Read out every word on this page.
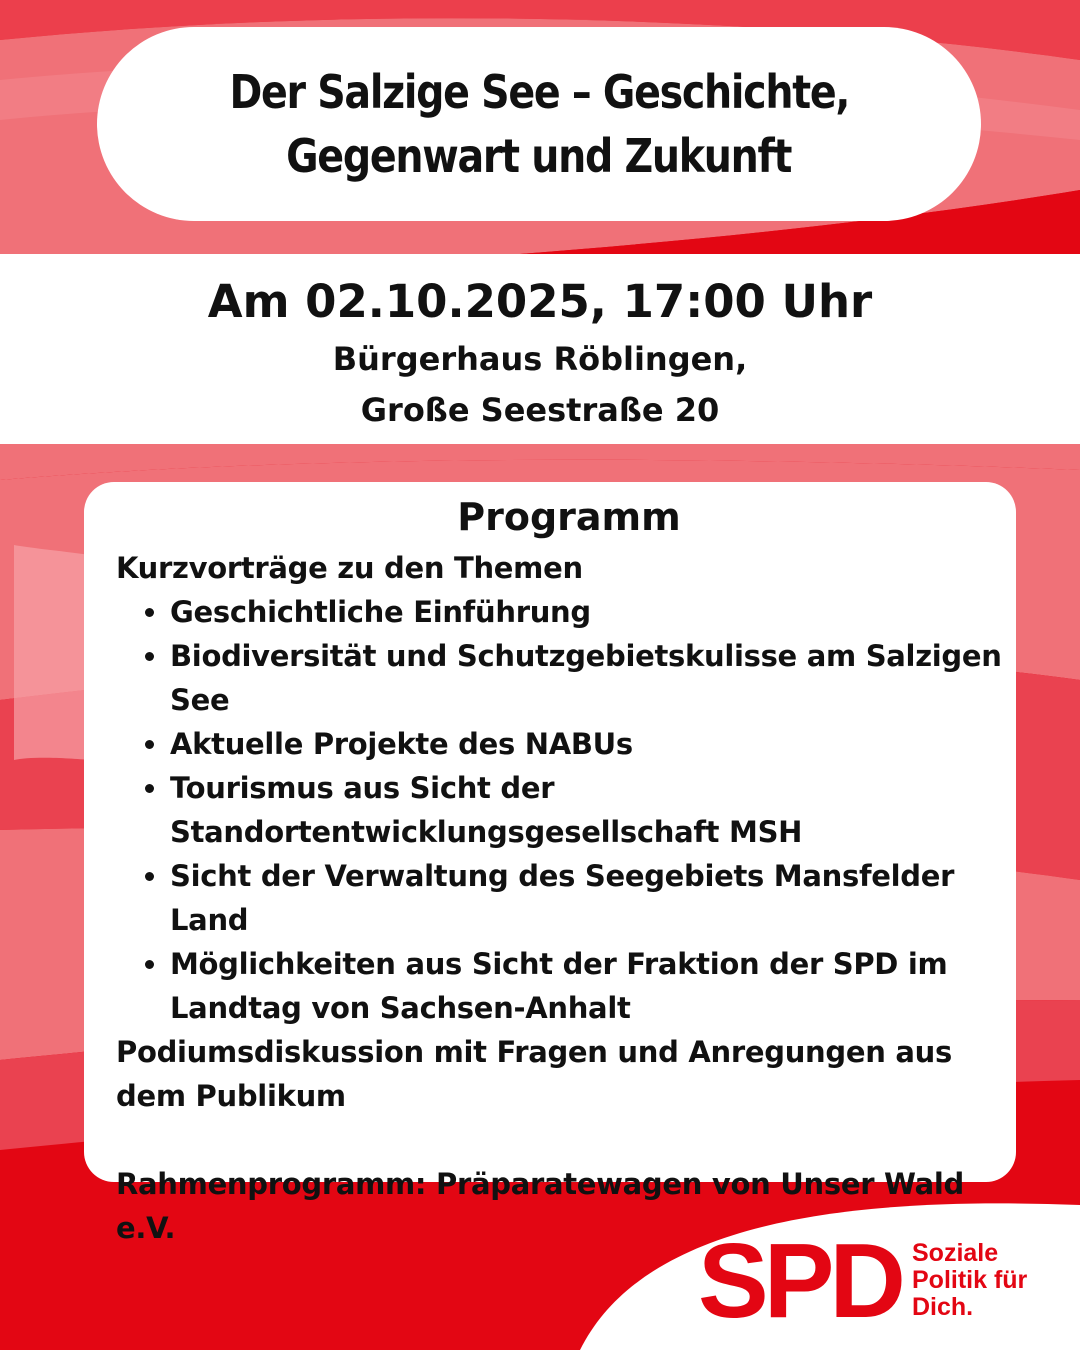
Der Salzige See – Geschichte,
Gegenwart und Zukunft
Am 02.10.2025, 17:00 Uhr
Bürgerhaus Röblingen,
Große Seestraße 20
Programm

Kurzvorträge zu den Themen

• Geschichtliche Einführung
• Biodiversität und Schutzgebietskulisse am Salzigen See
• Aktuelle Projekte des NABUs
• Tourismus aus Sicht der Standortentwicklungsgesellschaft MSH
• Sicht der Verwaltung des Seegebiets Mansfelder Land
• Möglichkeiten aus Sicht der Fraktion der SPD im Landtag von Sachsen-Anhalt

Podiumsdiskussion mit Fragen und Anregungen aus dem Publikum

Rahmenprogramm: Präparatewagen von Unser Wald e.V.	SPD Soziale
Politik für
Dich.
